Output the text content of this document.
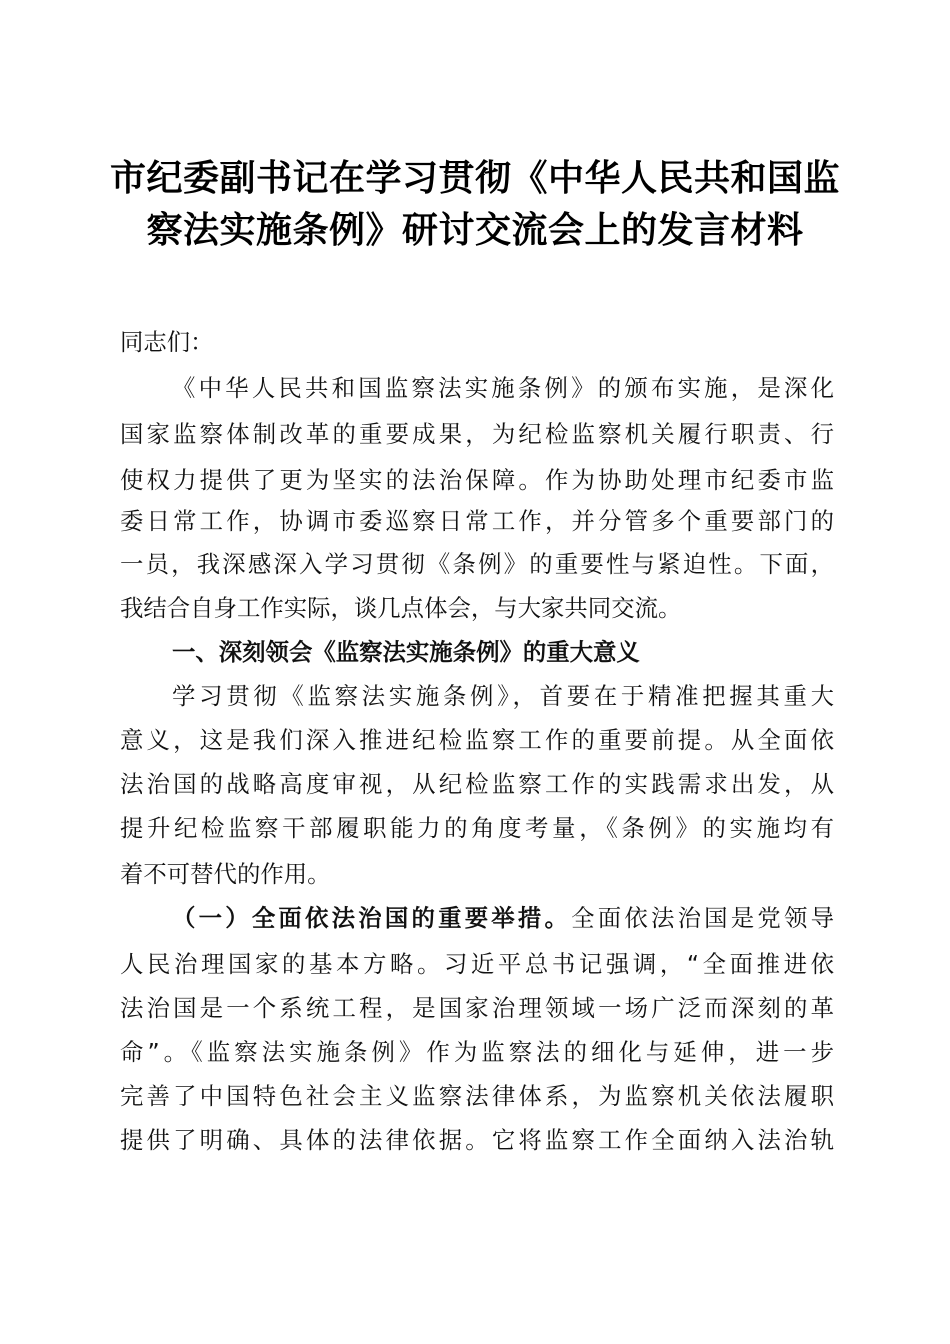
市纪委副书记在学习贯彻《中华人民共和国监
察法实施条例》研讨交流会上的发言材料
同志们：
《中华人民共和国监察法实施条例》的颁布实施，是深化
国家监察体制改革的重要成果，为纪检监察机关履行职责、行
使权力提供了更为坚实的法治保障。作为协助处理市纪委市监
委日常工作，协调市委巡察日常工作，并分管多个重要部门的
一员，我深感深入学习贯彻《条例》的重要性与紧迫性。下面，
我结合自身工作实际，谈几点体会，与大家共同交流。
一、深刻领会《监察法实施条例》的重大意义
学习贯彻《监察法实施条例》，首要在于精准把握其重大
意义，这是我们深入推进纪检监察工作的重要前提。从全面依
法治国的战略高度审视，从纪检监察工作的实践需求出发，从
提升纪检监察干部履职能力的角度考量，《条例》的实施均有
着不可替代的作用。
（一）全面依法治国的重要举措。全面依法治国是党领导
人民治理国家的基本方略。习近平总书记强调，“全面推进依
法治国是一个系统工程，是国家治理领域一场广泛而深刻的革
命”。《监察法实施条例》作为监察法的细化与延伸，进一步
完善了中国特色社会主义监察法律体系，为监察机关依法履职
提供了明确、具体的法律依据。它将监察工作全面纳入法治轨
